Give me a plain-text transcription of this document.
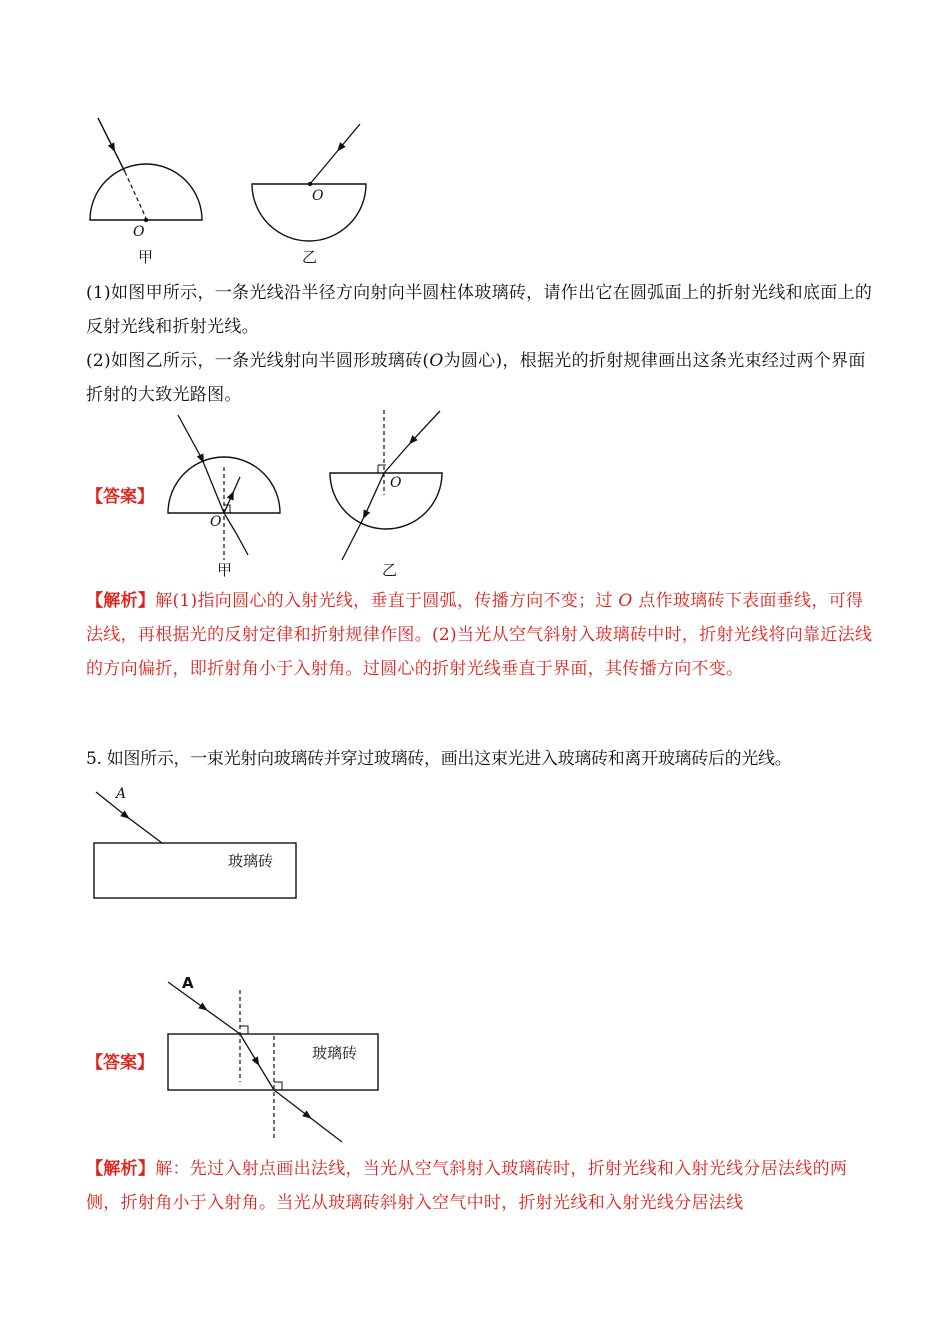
O
甲
O
乙
(1)如图甲所示，一条光线沿半径方向射向半圆柱体玻璃砖，请作出它在圆弧面上的折射光线和底面上的反射光线和折射光线。
(2)如图乙所示，一条光线射向半圆形玻璃砖(O为圆心)，根据光的折射规律画出这条光束经过两个界面折射的大致光路图。
【答案】
O
甲
O
乙
【解析】解(1)指向圆心的入射光线，垂直于圆弧，传播方向不变；过 O 点作玻璃砖下表面垂线，可得法线，再根据光的反射定律和折射规律作图。(2)当光从空气斜射入玻璃砖中时，折射光线将向靠近法线的方向偏折，即折射角小于入射角。过圆心的折射光线垂直于界面，其传播方向不变。
5. 如图所示，一束光射向玻璃砖并穿过玻璃砖，画出这束光进入玻璃砖和离开玻璃砖后的光线。
A
玻璃砖
【答案】
A
玻璃砖
【解析】解：先过入射点画出法线，当光从空气斜射入玻璃砖时，折射光线和入射光线分居法线的两侧，折射角小于入射角。当光从玻璃砖斜射入空气中时，折射光线和入射光线分居法线
